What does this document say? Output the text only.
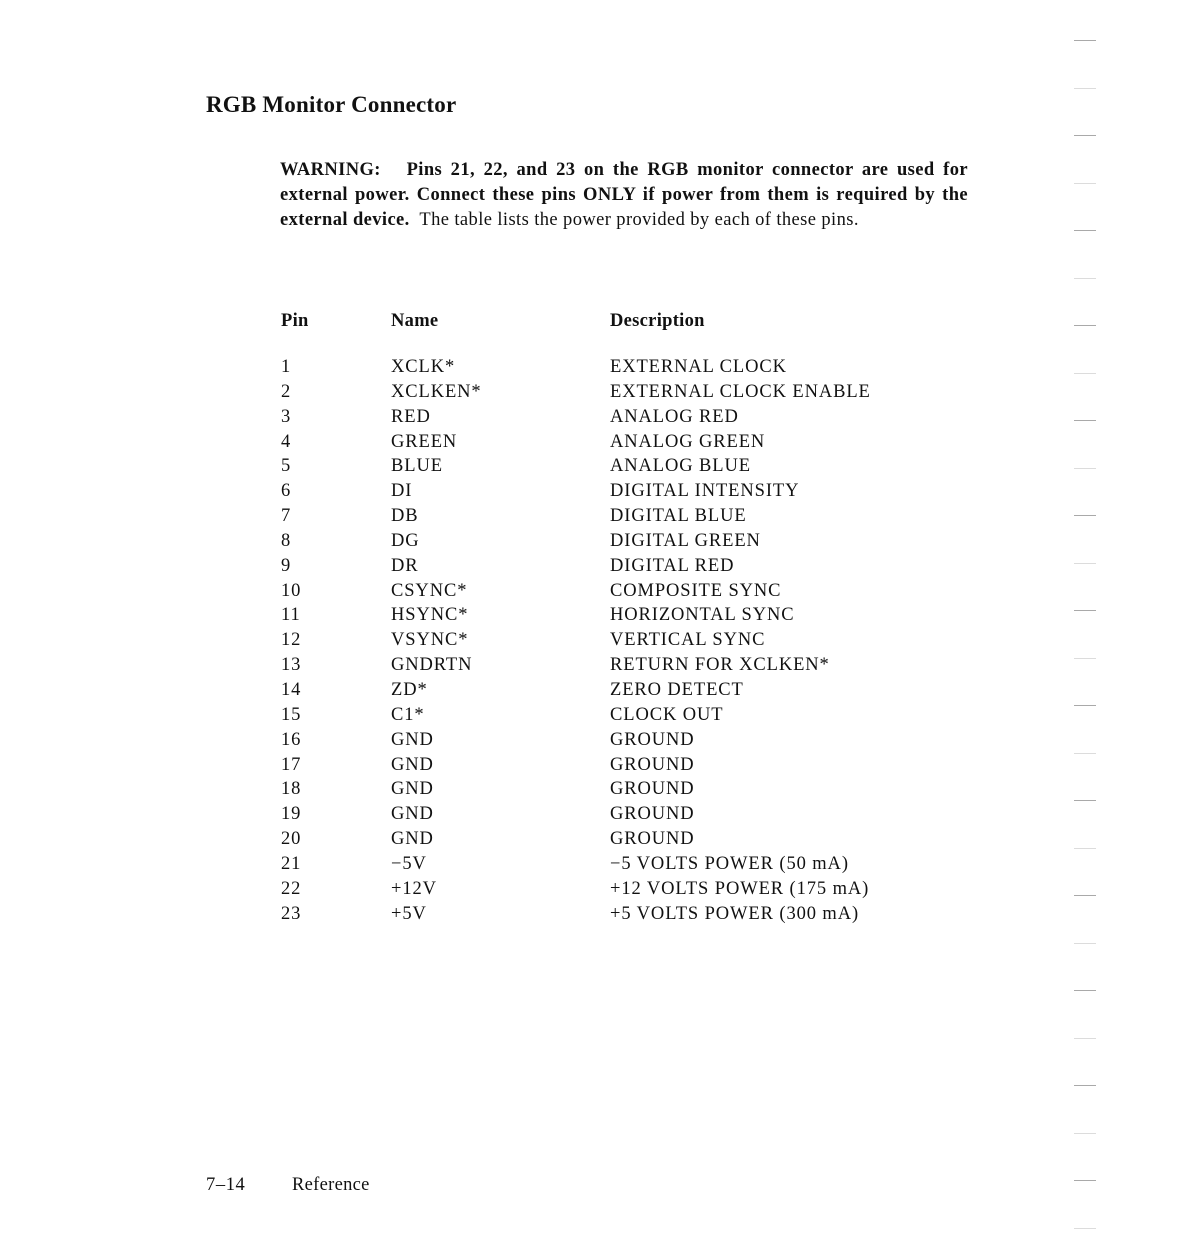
RGB Monitor Connector
WARNING: Pins 21, 22, and 23 on the RGB monitor connector are used for external power. Connect these pins ONLY if power from them is required by the external device. The table lists the power provided by each of these pins.
Pin	Name	Description
1	XCLK*	EXTERNAL CLOCK
2	XCLKEN*	EXTERNAL CLOCK ENABLE
3	RED	ANALOG RED
4	GREEN	ANALOG GREEN
5	BLUE	ANALOG BLUE
6	DI	DIGITAL INTENSITY
7	DB	DIGITAL BLUE
8	DG	DIGITAL GREEN
9	DR	DIGITAL RED
10	CSYNC*	COMPOSITE SYNC
11	HSYNC*	HORIZONTAL SYNC
12	VSYNC*	VERTICAL SYNC
13	GNDRTN	RETURN FOR XCLKEN*
14	ZD*	ZERO DETECT
15	C1*	CLOCK OUT
16	GND	GROUND
17	GND	GROUND
18	GND	GROUND
19	GND	GROUND
20	GND	GROUND
21	−5V	−5 VOLTS POWER (50 mA)
22	+12V	+12 VOLTS POWER (175 mA)
23	+5V	+5 VOLTS POWER (300 mA)
7–14	Reference
